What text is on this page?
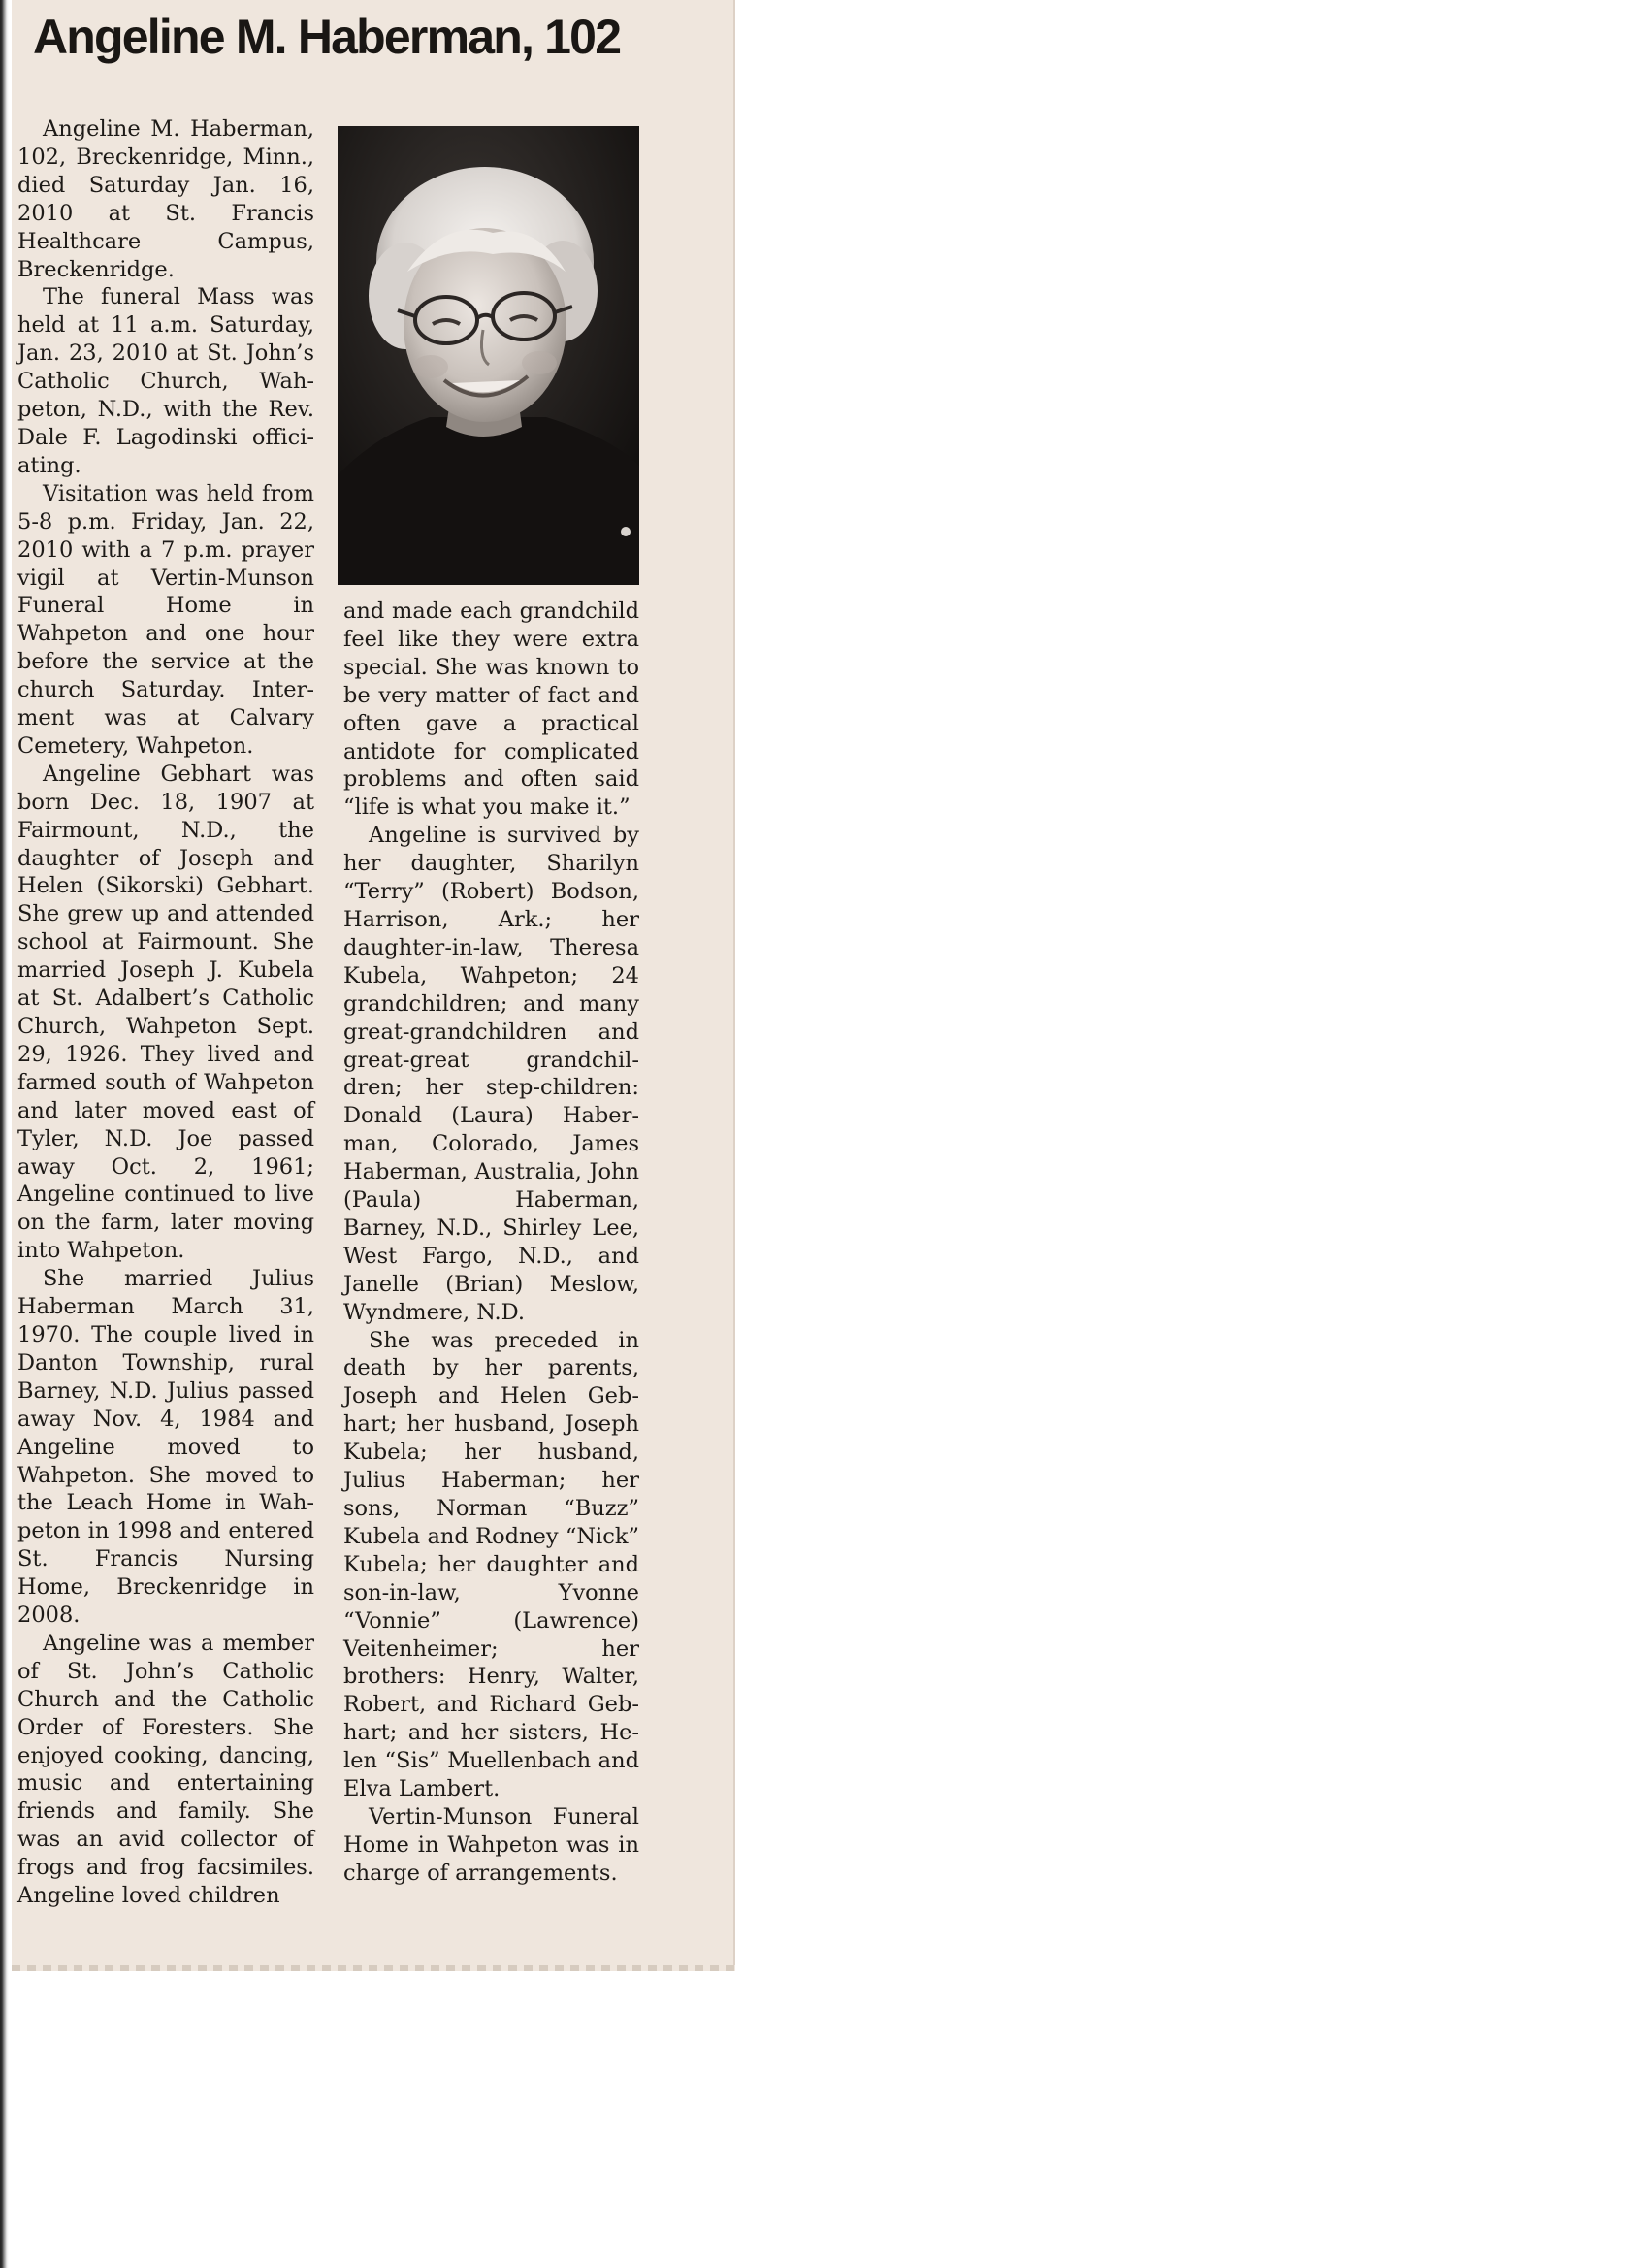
Angeline M. Haberman, 102

Angeline M. Haberman, 102, Breckenridge, Minn., died Saturday Jan. 16, 2010 at St. Francis Healthcare Campus, Breckenridge.

The funeral Mass was held at 11 a.m. Saturday, Jan. 23, 2010 at St. John’s Catholic Church, Wahpeton, N.D., with the Rev. Dale F. Lagodinski officiating.

Visitation was held from 5-8 p.m. Friday, Jan. 22, 2010 with a 7 p.m. prayer vigil at Vertin-Munson Funeral Home in Wahpeton and one hour before the service at the church Saturday. Interment was at Calvary Cemetery, Wahpeton.

Angeline Gebhart was born Dec. 18, 1907 at Fairmount, N.D., the daughter of Joseph and Helen (Sikorski) Gebhart. She grew up and attended school at Fairmount. She married Joseph J. Kubela at St. Adalbert’s Catholic Church, Wahpeton Sept. 29, 1926. They lived and farmed south of Wahpeton and later moved east of Tyler, N.D. Joe passed away Oct. 2, 1961; Angeline continued to live on the farm, later moving into Wahpeton.

She married Julius Haberman March 31, 1970. The couple lived in Danton Township, rural Barney, N.D. Julius passed away Nov. 4, 1984 and Angeline moved to Wahpeton. She moved to the Leach Home in Wahpeton in 1998 and entered St. Francis Nursing Home, Breckenridge in 2008.

Angeline was a member of St. John’s Catholic Church and the Catholic Order of Foresters. She enjoyed cooking, dancing, music and entertaining friends and family. She was an avid collector of frogs and frog facsimiles. Angeline loved children

and made each grandchild feel like they were extra special. She was known to be very matter of fact and often gave a practical antidote for complicated problems and often said “life is what you make it.”

Angeline is survived by her daughter, Sharilyn “Terry” (Robert) Bodson, Harrison, Ark.; her daughter-in-law, Theresa Kubela, Wahpeton; 24 grandchildren; and many great-grandchildren and great-great grandchildren; her step-children: Donald (Laura) Haberman, Colorado, James Haberman, Australia, John (Paula) Haberman, Barney, N.D., Shirley Lee, West Fargo, N.D., and Janelle (Brian) Meslow, Wyndmere, N.D.

She was preceded in death by her parents, Joseph and Helen Gebhart; her husband, Joseph Kubela; her husband, Julius Haberman; her sons, Norman “Buzz” Kubela and Rodney “Nick” Kubela; her daughter and son-in-law, Yvonne “Vonnie” (Lawrence) Veitenheimer; her brothers: Henry, Walter, Robert, and Richard Gebhart; and her sisters, Helen “Sis” Muellenbach and Elva Lambert.

Vertin-Munson Funeral Home in Wahpeton was in charge of arrangements.
